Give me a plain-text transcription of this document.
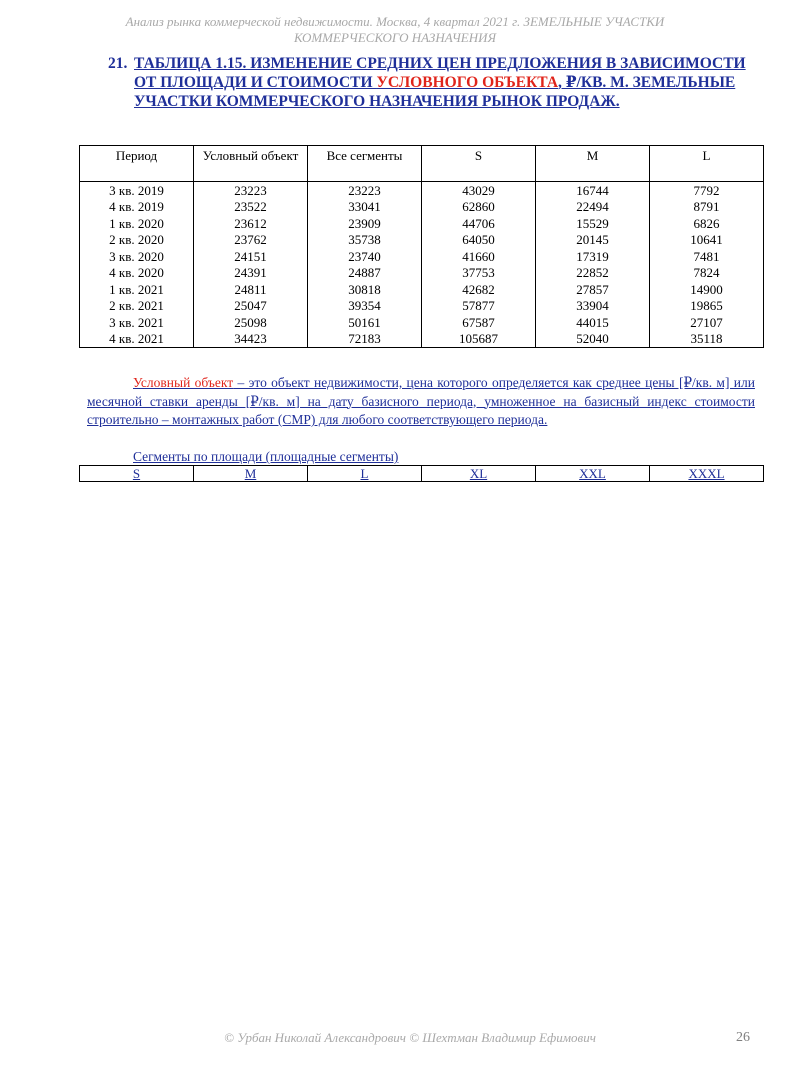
Анализ рынка коммерческой недвижимости. Москва, 4 квартал 2021 г. ЗЕМЕЛЬНЫЕ УЧАСТКИ
КОММЕРЧЕСКОГО НАЗНАЧЕНИЯ
21. ТАБЛИЦА 1.15. ИЗМЕНЕНИЕ СРЕДНИХ ЦЕН ПРЕДЛОЖЕНИЯ В ЗАВИСИМОСТИ ОТ ПЛОЩАДИ И СТОИМОСТИ УСЛОВНОГО ОБЪЕКТА, ₽/КВ. М. ЗЕМЕЛЬНЫЕ УЧАСТКИ КОММЕРЧЕСКОГО НАЗНАЧЕНИЯ РЫНОК ПРОДАЖ.
Период	Условный объект	Все сегменты	S	M	L
3 кв. 2019	23223	23223	43029	16744	7792
4 кв. 2019	23522	33041	62860	22494	8791
1 кв. 2020	23612	23909	44706	15529	6826
2 кв. 2020	23762	35738	64050	20145	10641
3 кв. 2020	24151	23740	41660	17319	7481
4 кв. 2020	24391	24887	37753	22852	7824
1 кв. 2021	24811	30818	42682	27857	14900
2 кв. 2021	25047	39354	57877	33904	19865
3 кв. 2021	25098	50161	67587	44015	27107
4 кв. 2021	34423	72183	105687	52040	35118

Условный объект – это объект недвижимости, цена которого определяется как среднее цены [₽/кв. м] или месячной ставки аренды [₽/кв. м] на дату базисного периода, умноженное на базисный индекс стоимости строительно – монтажных работ (СМР) для любого соответствующего периода.

Сегменты по площади (площадные сегменты)
S	M	L	XL	XXL	XXXL
© Урбан Николай Александрович © Шехтман Владимир Ефимович	26
